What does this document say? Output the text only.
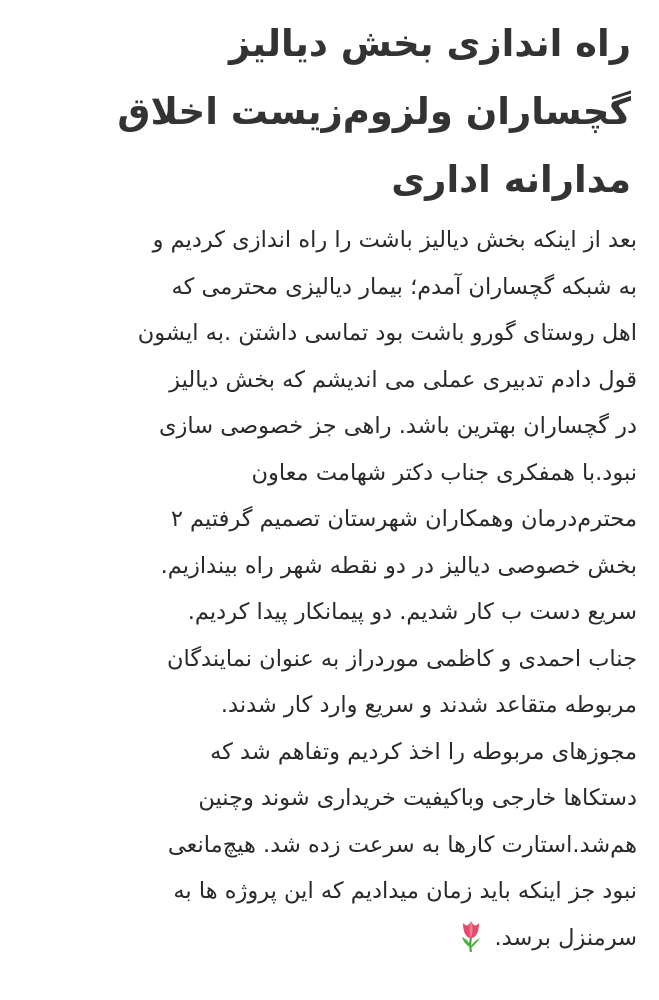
راه اندازی بخش دیالیز
گچساران ولزوم‌زیست اخلاق
مدارانه اداری
بعد از اینکه بخش دیالیز باشت را راه اندازی کردیم و
به شبکه گچساران آمدم؛ بیمار دیالیزی محترمی که
اهل روستای گورو باشت بود تماسی داشتن .به ایشون
قول دادم تدبیری عملی می اندیشم که بخش دیالیز
در گچساران بهترین باشد. راهی جز خصوصی سازی
نبود.با همفکری جناب دکتر شهامت معاون
محترم‌درمان وهمکاران شهرستان تصمیم گرفتیم ۲
بخش خصوصی دیالیز در دو نقطه شهر راه بیندازیم.
سریع دست ب کار شدیم. دو پیمانکار پیدا کردیم.
جناب احمدی و کاظمی موردراز به عنوان نمایندگان
مربوطه متقاعد شدند و سریع وارد کار شدند.
مجوزهای مربوطه را اخذ کردیم وتفاهم شد که
دستکاها خارجی وباکیفیت خریداری شوند وچنین
هم‌شد.استارت کارها به سرعت زده شد. هیچ‌مانعی
نبود جز اینکه باید زمان میدادیم که این پروژه ها به
سرمنزل برسد.
